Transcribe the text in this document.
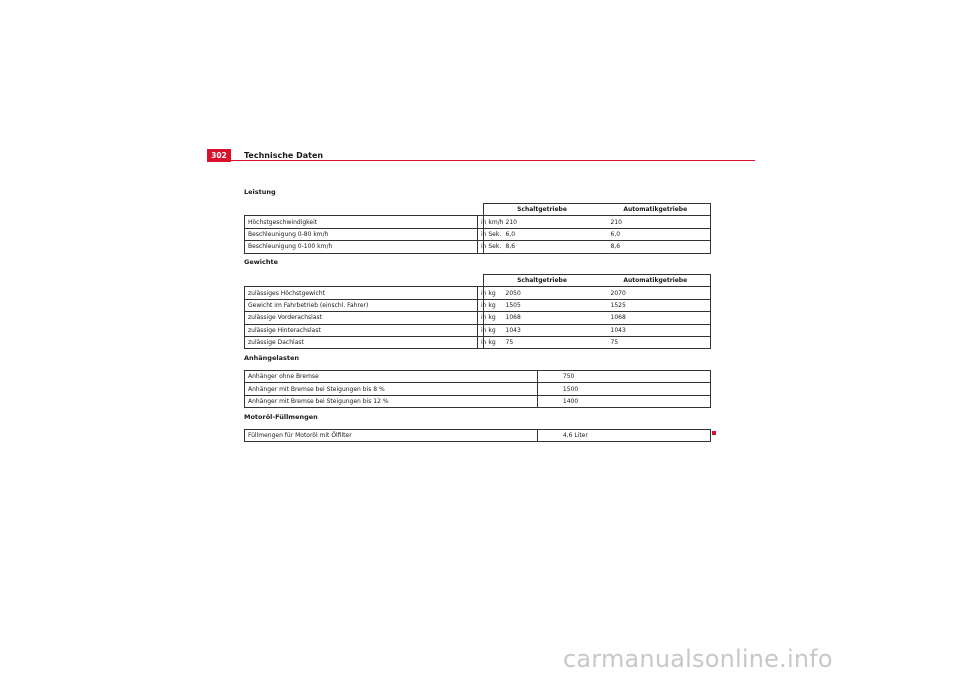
302	Technische Daten
Leistung
		Schaltgetriebe	Automatikgetriebe
Höchstgeschwindigkeit	in km/h	210	210
Beschleunigung 0-80 km/h	in Sek.	6,0	6,0
Beschleunigung 0-100 km/h	in Sek.	8,6	8,6
Gewichte
		Schaltgetriebe	Automatikgetriebe
zulässiges Höchstgewicht	in kg	2050	2070
Gewicht im Fahrbetrieb (einschl. Fahrer)	in kg	1505	1525
zulässige Vorderachslast	in kg	1068	1068
zulässige Hinterachslast	in kg	1043	1043
zulässige Dachlast	in kg	75	75
Anhängelasten
Anhänger ohne Bremse	750
Anhänger mit Bremse bei Steigungen bis 8 %	1500
Anhänger mit Bremse bei Steigungen bis 12 %	1400
Motoröl-Füllmengen
Füllmengen für Motoröl mit Ölfilter	4,6 Liter
carmanualsonline.info
